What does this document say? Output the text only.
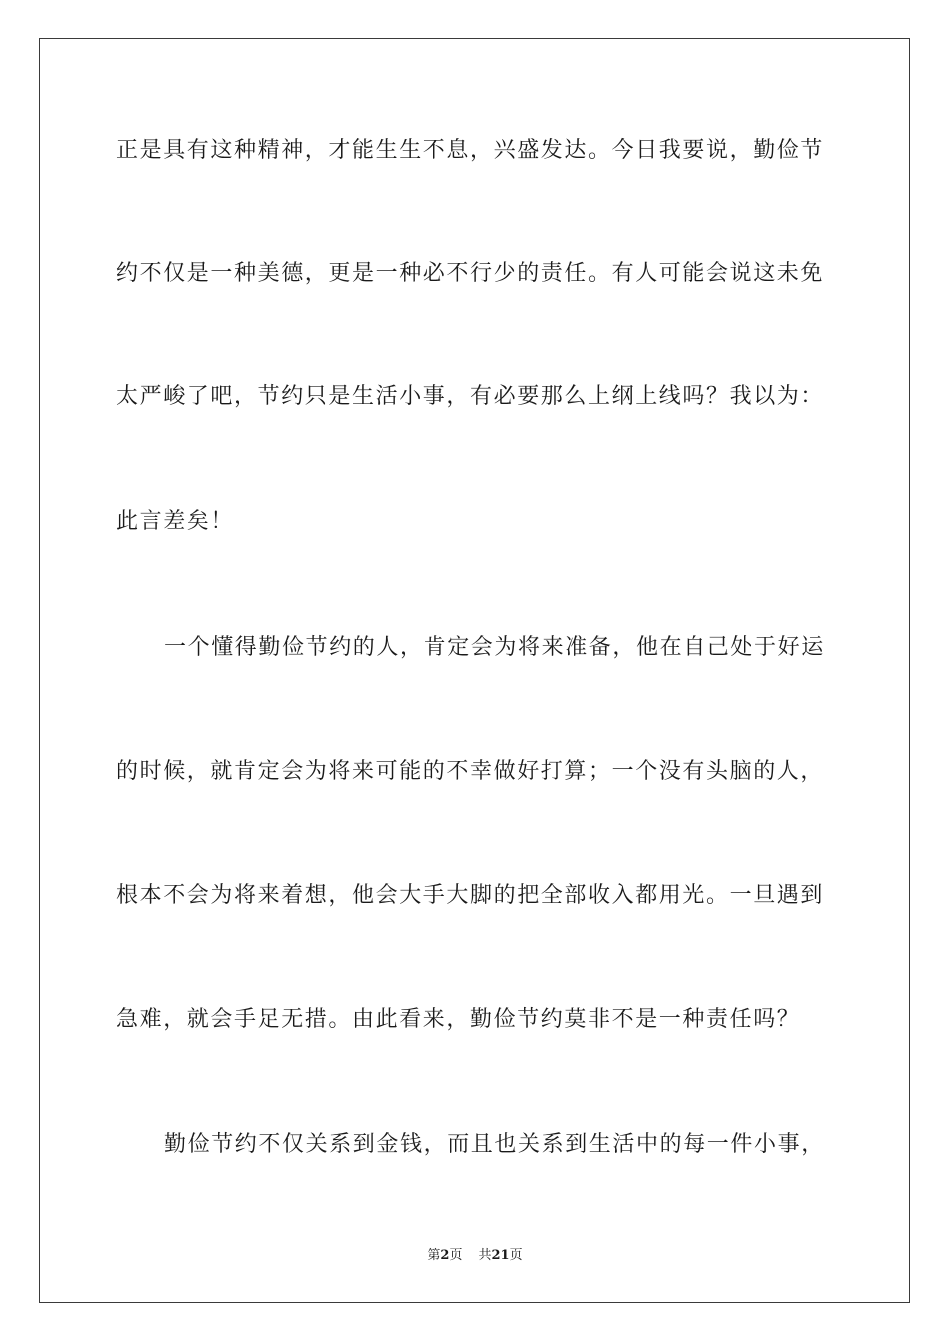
正是具有这种精神，才能生生不息，兴盛发达。今日我要说，勤俭节
约不仅是一种美德，更是一种必不行少的责任。有人可能会说这未免
太严峻了吧，节约只是生活小事，有必要那么上纲上线吗？我以为：
此言差矣！
一个懂得勤俭节约的人，肯定会为将来准备，他在自己处于好运
的时候，就肯定会为将来可能的不幸做好打算；一个没有头脑的人，
根本不会为将来着想，他会大手大脚的把全部收入都用光。一旦遇到
急难，就会手足无措。由此看来，勤俭节约莫非不是一种责任吗？
勤俭节约不仅关系到金钱，而且也关系到生活中的每一件小事，
第2页 共21页
